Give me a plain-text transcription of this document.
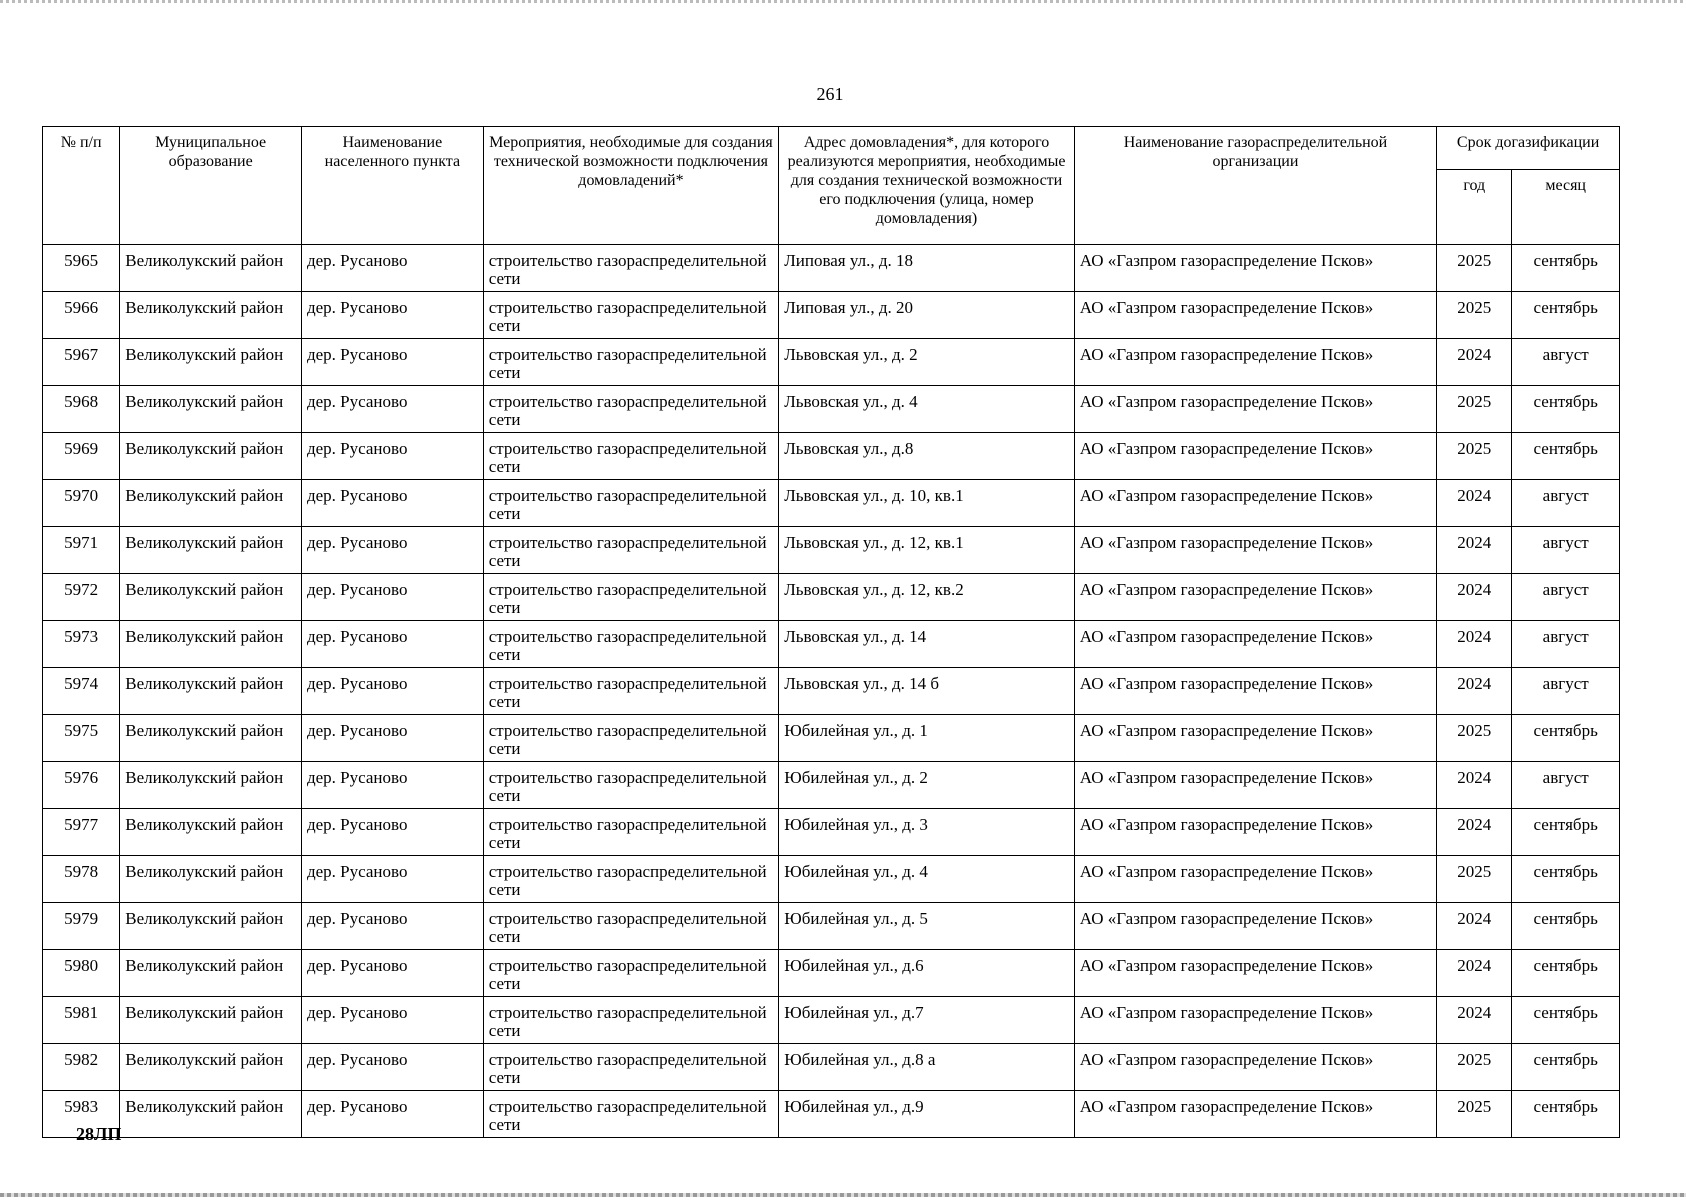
261
№ п/п	Муниципальное образование	Наименование населенного пункта	Мероприятия, необходимые для создания технической возможности подключения домовладений*	Адрес домовладения*, для которого реализуются мероприятия, необходимые для создания технической возможности его подключения (улица, номер домовладения)	Наименование газораспределительной организации	Срок догазификации	
						год	месяц
5965	Великолукский район	дер. Русаново	строительство газораспределительной сети	Липовая ул., д. 18	АО «Газпром газораспределение Псков»	2025	сентябрь
5966	Великолукский район	дер. Русаново	строительство газораспределительной сети	Липовая ул., д. 20	АО «Газпром газораспределение Псков»	2025	сентябрь
5967	Великолукский район	дер. Русаново	строительство газораспределительной сети	Львовская ул., д. 2	АО «Газпром газораспределение Псков»	2024	август
5968	Великолукский район	дер. Русаново	строительство газораспределительной сети	Львовская ул., д. 4	АО «Газпром газораспределение Псков»	2025	сентябрь
5969	Великолукский район	дер. Русаново	строительство газораспределительной сети	Львовская ул., д.8	АО «Газпром газораспределение Псков»	2025	сентябрь
5970	Великолукский район	дер. Русаново	строительство газораспределительной сети	Львовская ул., д. 10, кв.1	АО «Газпром газораспределение Псков»	2024	август
5971	Великолукский район	дер. Русаново	строительство газораспределительной сети	Львовская ул., д. 12, кв.1	АО «Газпром газораспределение Псков»	2024	август
5972	Великолукский район	дер. Русаново	строительство газораспределительной сети	Львовская ул., д. 12, кв.2	АО «Газпром газораспределение Псков»	2024	август
5973	Великолукский район	дер. Русаново	строительство газораспределительной сети	Львовская ул., д. 14	АО «Газпром газораспределение Псков»	2024	август
5974	Великолукский район	дер. Русаново	строительство газораспределительной сети	Львовская ул., д. 14 б	АО «Газпром газораспределение Псков»	2024	август
5975	Великолукский район	дер. Русаново	строительство газораспределительной сети	Юбилейная ул., д. 1	АО «Газпром газораспределение Псков»	2025	сентябрь
5976	Великолукский район	дер. Русаново	строительство газораспределительной сети	Юбилейная ул., д. 2	АО «Газпром газораспределение Псков»	2024	август
5977	Великолукский район	дер. Русаново	строительство газораспределительной сети	Юбилейная ул., д. 3	АО «Газпром газораспределение Псков»	2024	сентябрь
5978	Великолукский район	дер. Русаново	строительство газораспределительной сети	Юбилейная ул., д. 4	АО «Газпром газораспределение Псков»	2025	сентябрь
5979	Великолукский район	дер. Русаново	строительство газораспределительной сети	Юбилейная ул., д. 5	АО «Газпром газораспределение Псков»	2024	сентябрь
5980	Великолукский район	дер. Русаново	строительство газораспределительной сети	Юбилейная ул., д.6	АО «Газпром газораспределение Псков»	2024	сентябрь
5981	Великолукский район	дер. Русаново	строительство газораспределительной сети	Юбилейная ул., д.7	АО «Газпром газораспределение Псков»	2024	сентябрь
5982	Великолукский район	дер. Русаново	строительство газораспределительной сети	Юбилейная ул., д.8 а	АО «Газпром газораспределение Псков»	2025	сентябрь
5983	Великолукский район	дер. Русаново	строительство газораспределительной сети	Юбилейная ул., д.9	АО «Газпром газораспределение Псков»	2025	сентябрь
28ЛП
